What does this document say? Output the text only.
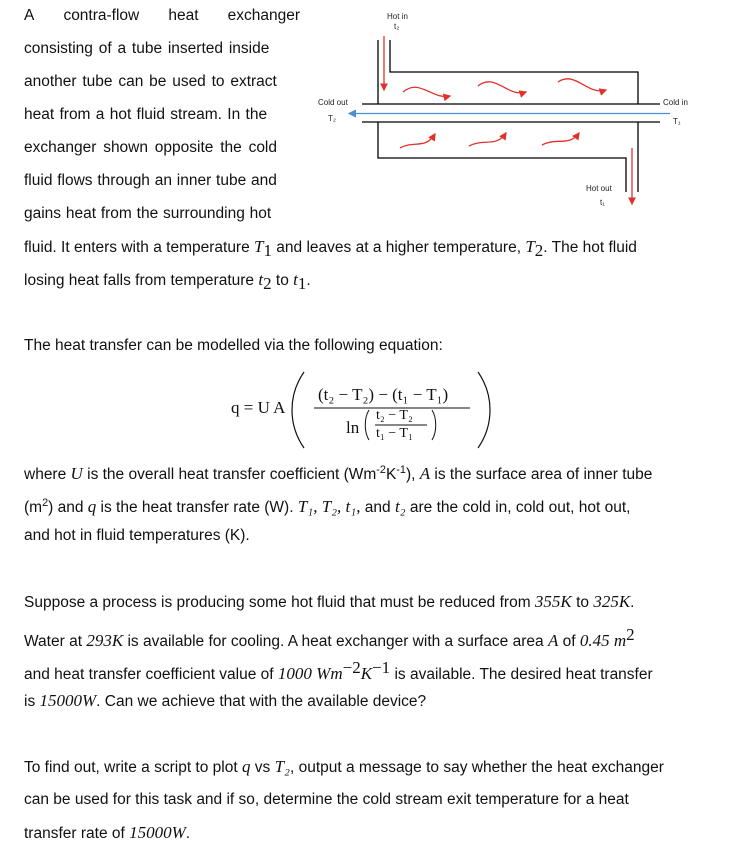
A contra-flow heat exchanger
consisting of a tube inserted inside
another tube can be used to extract
heat from a hot fluid stream. In the
exchanger shown opposite the cold
fluid flows through an inner tube and
gains heat from the surrounding hot
fluid. It enters with a temperature $T_1$ and leaves at a higher temperature, $T_2$. The hot fluid
losing heat falls from temperature $t_2$ to $t_1$.
Hot in
t₂
Cold out
T₂
Cold in
T₁
Hot out
t₁
The heat transfer can be modelled via the following equation:
q = U A
(t₂ − T₂) − (t₁ − T₁)
ln
t₂ − T₂
t₁ − T₁
where U is the overall heat transfer coefficient $(Wm^{-2}K^{-1})$, A is the surface area of inner tube
$(m^2)$ and q is the heat transfer rate (W). T₁, T₂, t₁, and t₂ are the cold in, cold out, hot out,
and hot in fluid temperatures (K).
Suppose a process is producing some hot fluid that must be reduced from 355K to 325K.
Water at 293K is available for cooling. A heat exchanger with a surface area A of 0.45 $m^2$
and heat transfer coefficient value of 1000 $Wm^{-2}K^{-1}$ is available. The desired heat transfer
is 15000W. Can we achieve that with the available device?
To find out, write a script to plot q vs T₂, output a message to say whether the heat exchanger
can be used for this task and if so, determine the cold stream exit temperature for a heat
transfer rate of 15000W.
